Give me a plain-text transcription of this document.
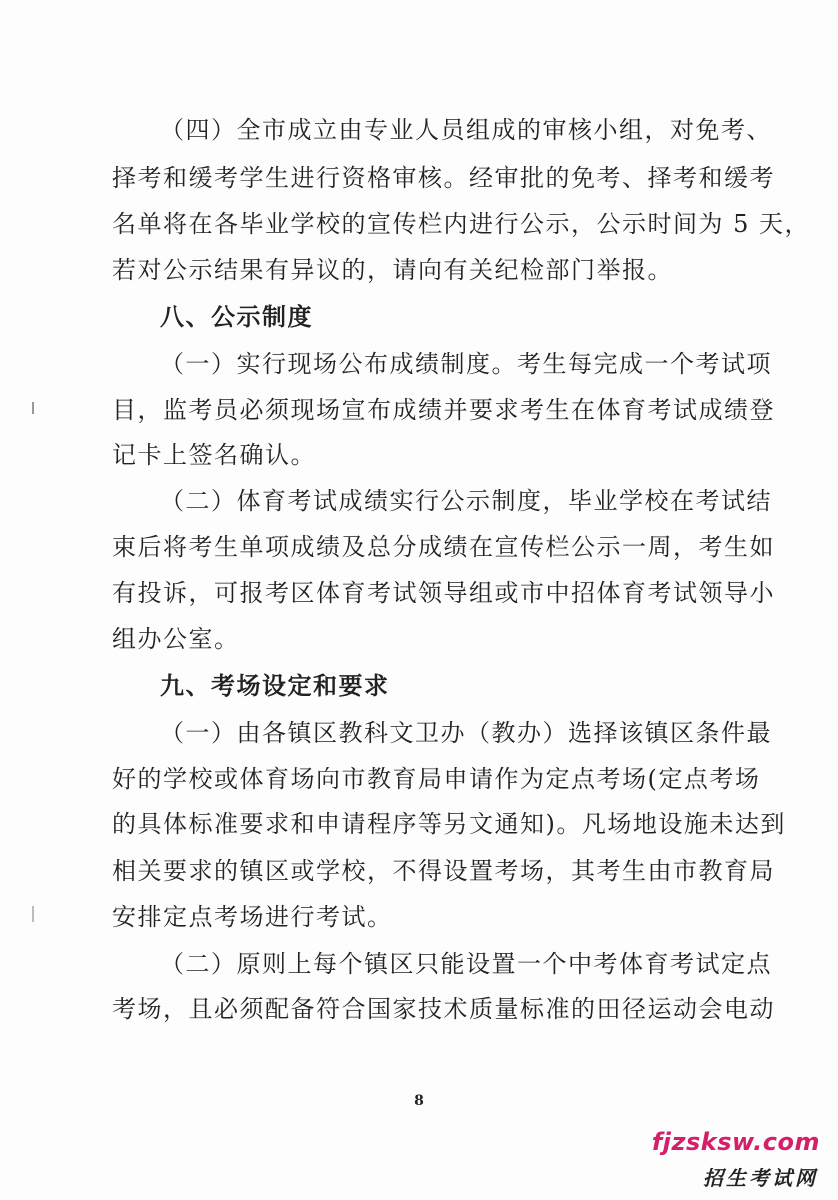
（四）全市成立由专业人员组成的审核小组，对免考、
择考和缓考学生进行资格审核。经审批的免考、择考和缓考
名单将在各毕业学校的宣传栏内进行公示，公示时间为 5 天，
若对公示结果有异议的，请向有关纪检部门举报。
八、公示制度
（一）实行现场公布成绩制度。考生每完成一个考试项
目，监考员必须现场宣布成绩并要求考生在体育考试成绩登
记卡上签名确认。
（二）体育考试成绩实行公示制度，毕业学校在考试结
束后将考生单项成绩及总分成绩在宣传栏公示一周，考生如
有投诉，可报考区体育考试领导组或市中招体育考试领导小
组办公室。
九、考场设定和要求
（一）由各镇区教科文卫办（教办）选择该镇区条件最
好的学校或体育场向市教育局申请作为定点考场(定点考场
的具体标准要求和申请程序等另文通知)。凡场地设施未达到
相关要求的镇区或学校，不得设置考场，其考生由市教育局
安排定点考场进行考试。
（二）原则上每个镇区只能设置一个中考体育考试定点
考场，且必须配备符合国家技术质量标准的田径运动会电动
8
fjzsksw.com
招生考试网
